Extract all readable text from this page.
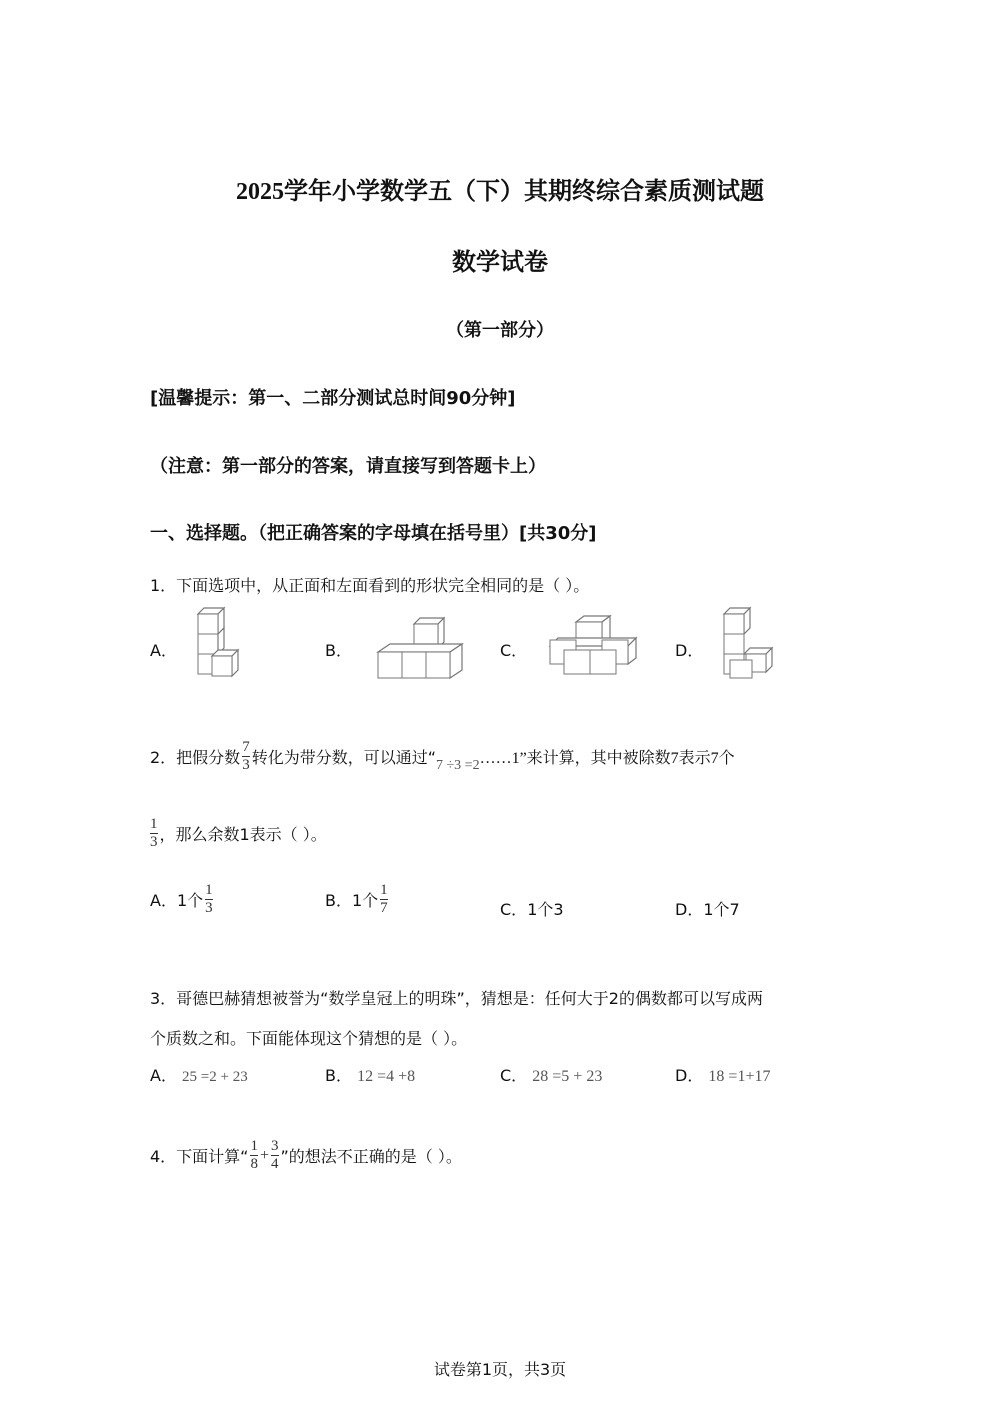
2025学年小学数学五（下）其期终综合素质测试题
数学试卷
（第一部分）
[温馨提示：第一、二部分测试总时间90分钟]
（注意：第一部分的答案，请直接写到答题卡上）
一、选择题。（把正确答案的字母填在括号里）[共30分]
1．下面选项中，从正面和左面看到的形状完全相同的是（ ）。
A．	B．	C．	D．
2．把假分数 $\frac{7}{3}$ 转化为带分数，可以通过“ 7 ÷3 =2 ……1”来计算，其中被除数7表示7个
$\frac{1}{3}$ ，那么余数1表示（ ）。
A． 1个 $\frac{1}{3}$	B． 1个 $\frac{1}{7}$	C．1个3	D．1个7
3．哥德巴赫猜想被誉为“数学皇冠上的明珠”，猜想是：任何大于2的偶数都可以写成两
个质数之和。下面能体现这个猜想的是（ ）。
A． 25 =2 + 23	B． 12 =4 +8	C． 28 =5 + 23	D． 18 =1+17
4．下面计算“ $\frac{1}{8} + \frac{3}{4}$ ”的想法不正确的是（ ）。
试卷第1页，共3页
